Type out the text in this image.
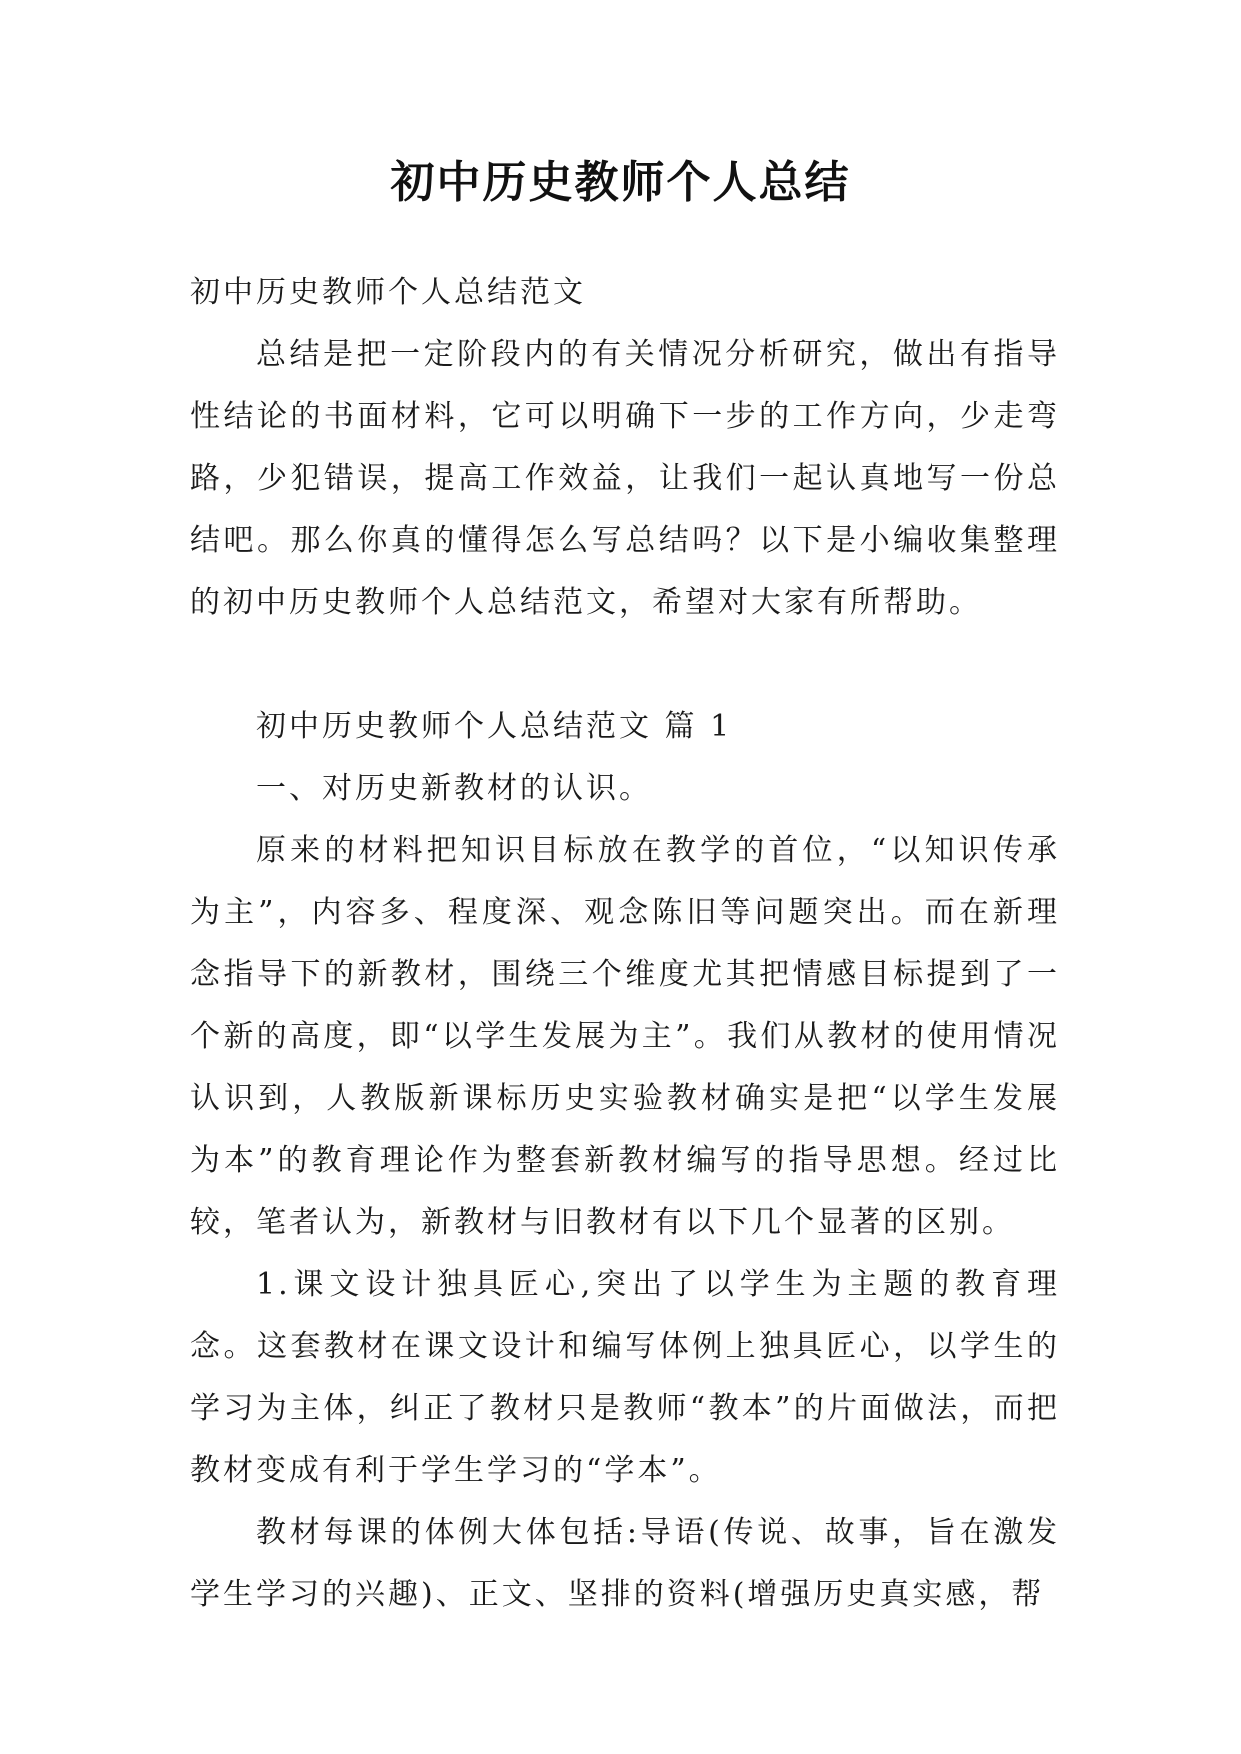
初中历史教师个人总结

初中历史教师个人总结范文

总结是把一定阶段内的有关情况分析研究，做出有指导性结论的书面材料，它可以明确下一步的工作方向，少走弯路，少犯错误，提高工作效益，让我们一起认真地写一份总结吧。那么你真的懂得怎么写总结吗？以下是小编收集整理的初中历史教师个人总结范文，希望对大家有所帮助。

初中历史教师个人总结范文 篇 1

一、对历史新教材的认识。

原来的材料把知识目标放在教学的首位，“以知识传承为主”，内容多、程度深、观念陈旧等问题突出。而在新理念指导下的新教材，围绕三个维度尤其把情感目标提到了一个新的高度，即“以学生发展为主”。我们从教材的使用情况认识到，人教版新课标历史实验教材确实是把“以学生发展为本”的教育理论作为整套新教材编写的指导思想。经过比较，笔者认为，新教材与旧教材有以下几个显著的区别。

1.课文设计独具匠心,突出了以学生为主题的教育理念。这套教材在课文设计和编写体例上独具匠心，以学生的学习为主体，纠正了教材只是教师“教本”的片面做法，而把教材变成有利于学生学习的“学本”。

教材每课的体例大体包括:导语(传说、故事，旨在激发学生学习的兴趣)、正文、坚排的资料(增强历史真实感，帮
